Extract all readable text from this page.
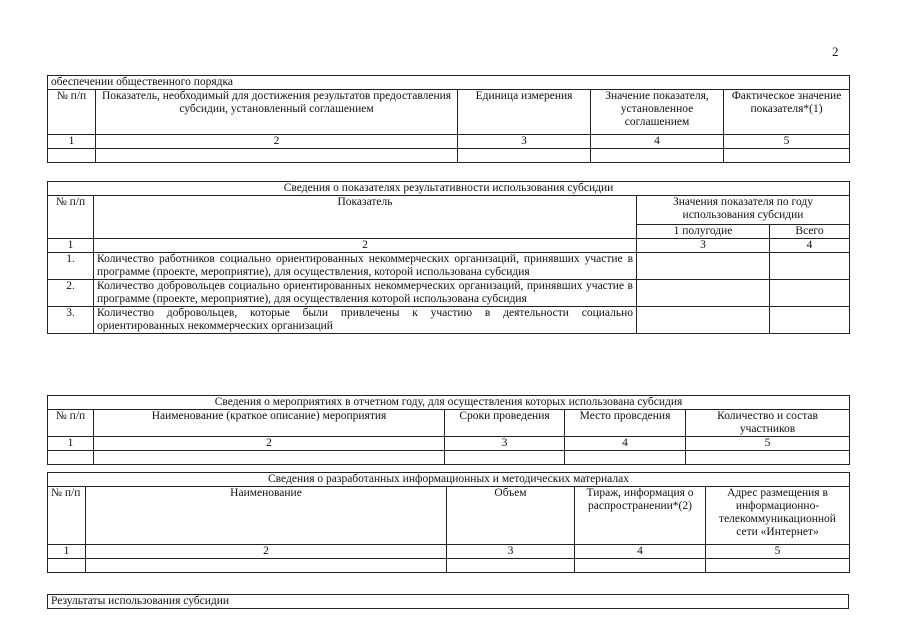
2
обеспечении общественного порядка				
№ п/п	Показатель, необходимый для достижения результатов предоставления субсидии, установленный соглашением	Единица измерения	Значение показателя, установленное соглашением	Фактическое значение показателя*(1)
1	2	3	4	5

Сведения о показателях результативности использования субсидии			
№ п/п	Показатель	Значения показателя по году использования субсидии	
		1 полугодие	Всего
1	2	3	4
1.	Количество работников социально ориентированных некоммерческих организаций, принявших участие в программе (проекте, мероприятие), для осуществления, которой использована субсидия		
2.	Количество добровольцев социально ориентированных некоммерческих организаций, принявших участие в программе (проекте, мероприятие), для осуществления которой использована субсидия		
3.	Количество добровольцев, которые были привлечены к участию в деятельности социально ориентированных некоммерческих организаций		
Сведения о мероприятиях в отчетном году, для осуществления которых использована субсидия				
№ п/п	Наименование (краткое описание) мероприятия	Сроки проведения	Место провсдения	Количество и состав участников
1	2	3	4	5

Сведения о разработанных информационных и методических материалах				
№ п/п	Наименование	Объем	Тираж, информация о распространении*(2)	Адрес размещения в информационно-телекоммуникационной сети «Интернет»
1	2	3	4	5

Результаты использования субсидии
